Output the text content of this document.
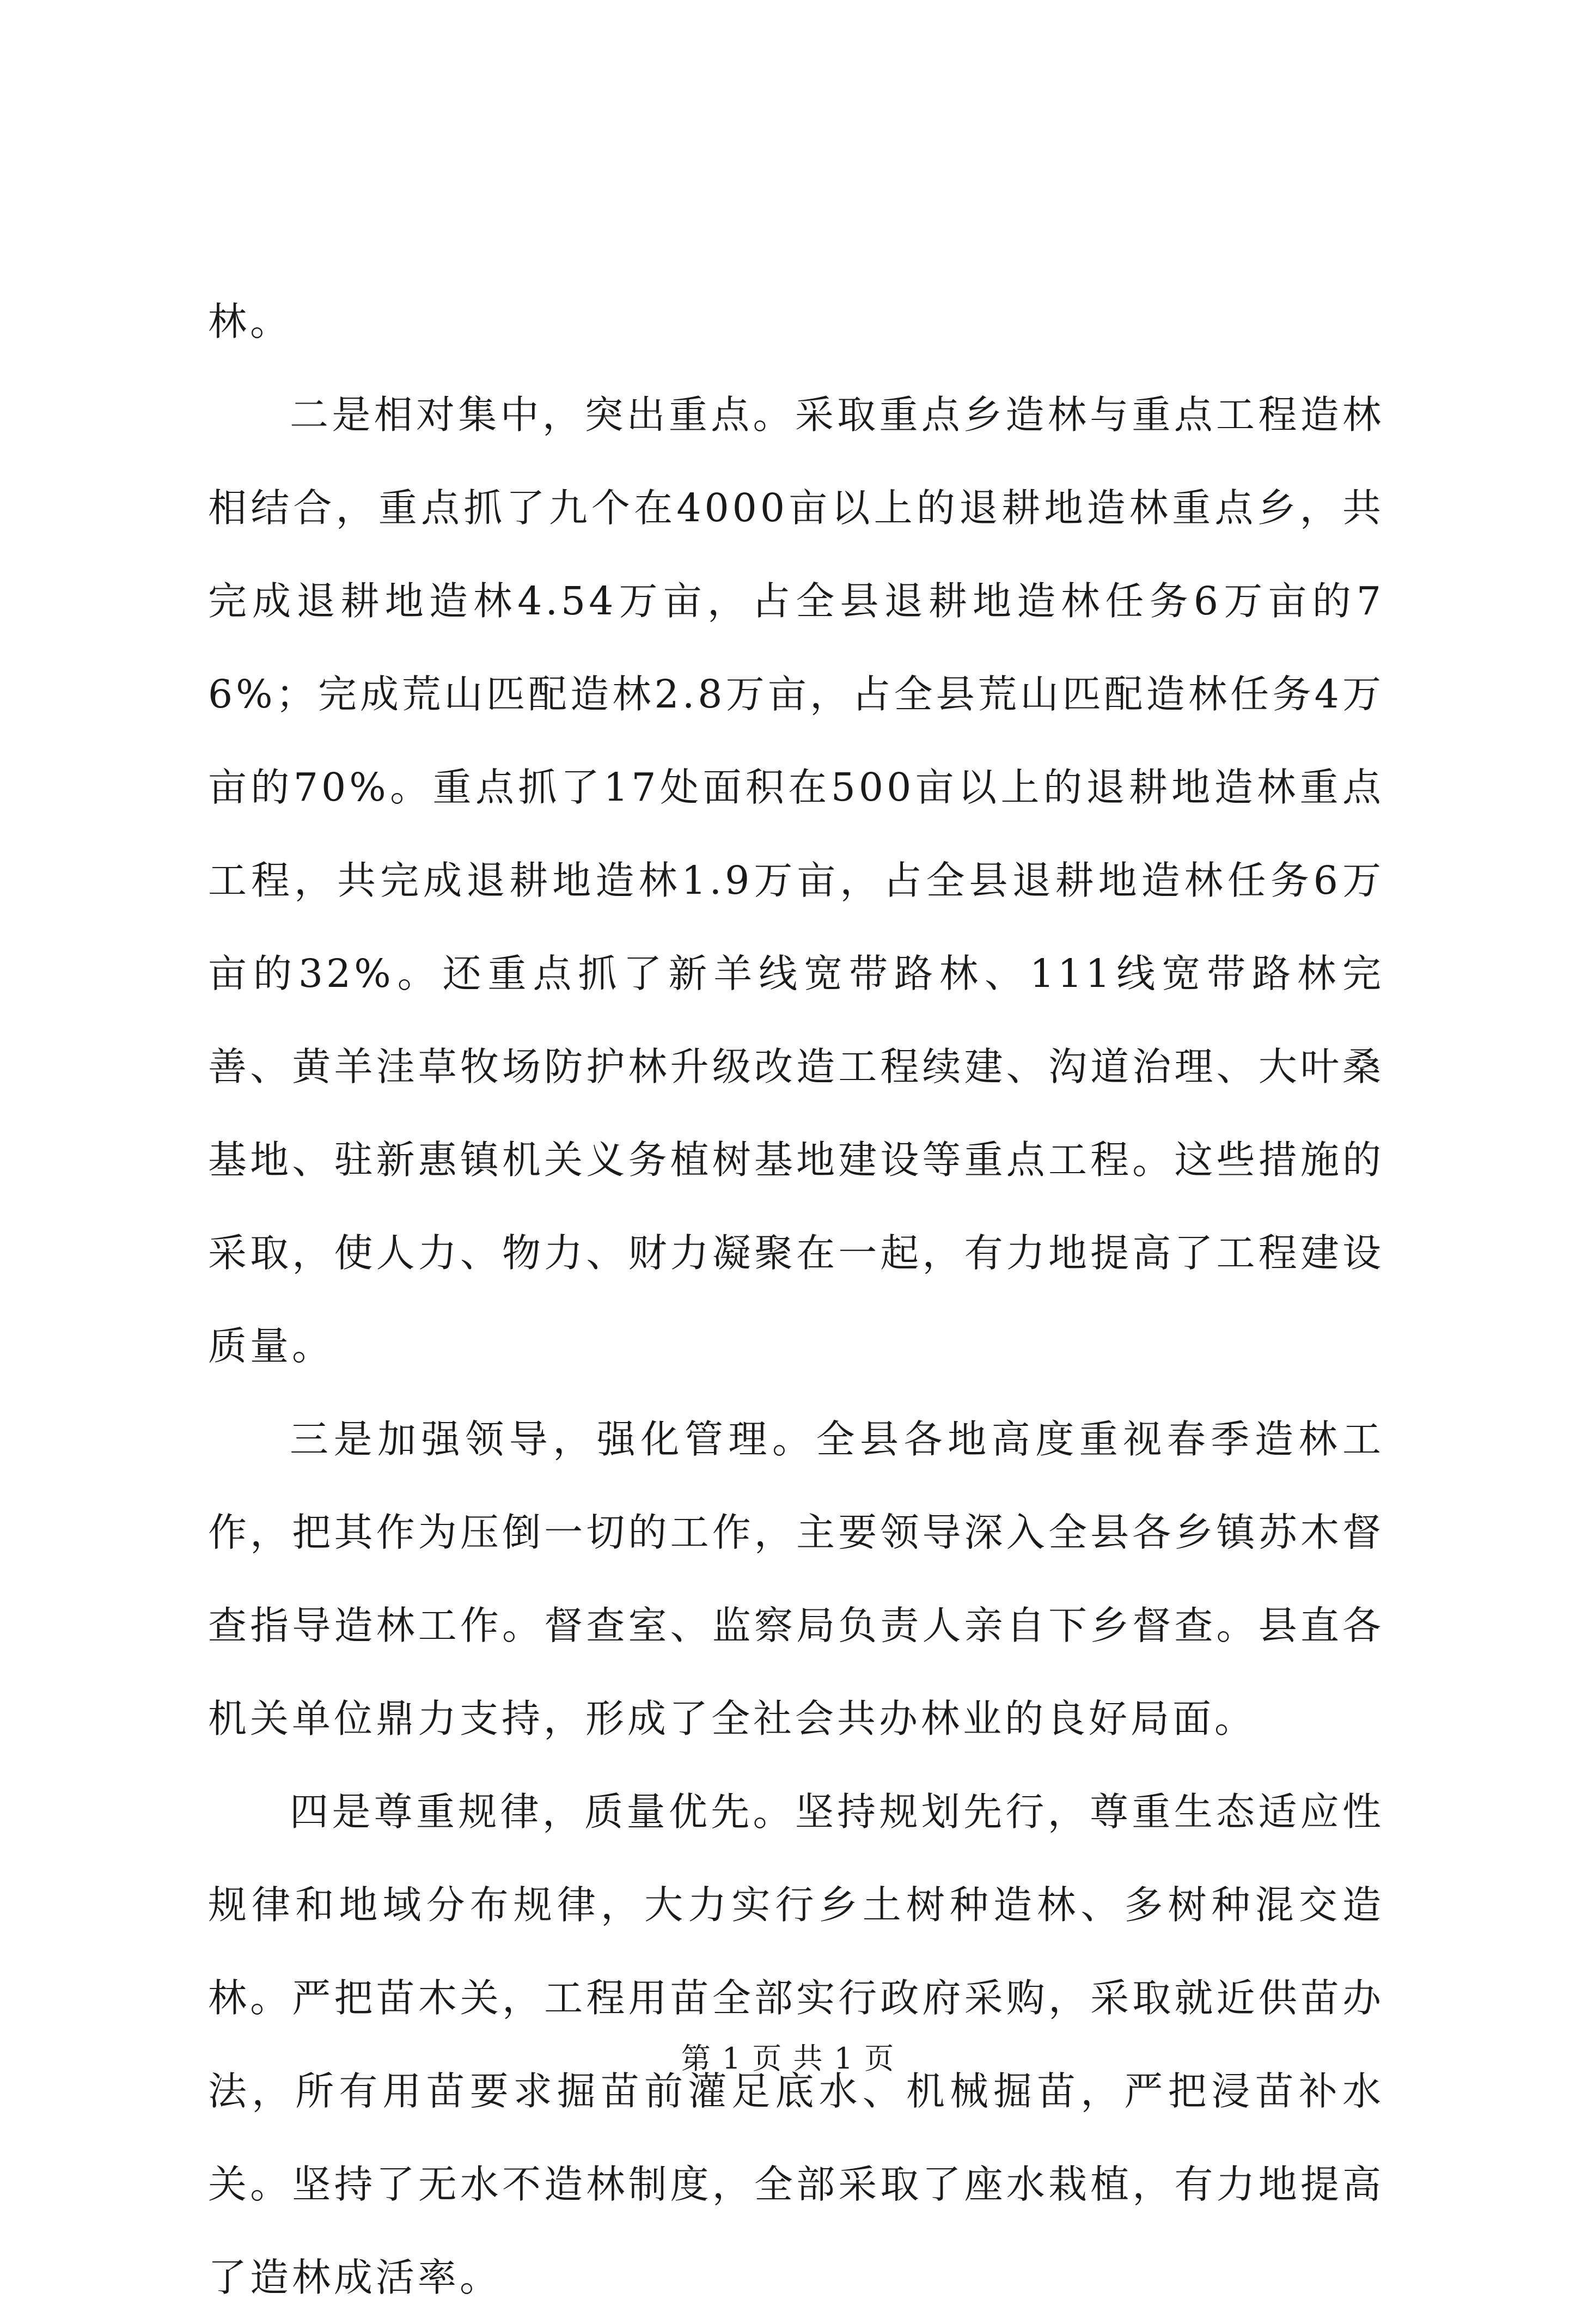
林。

二是相对集中，突出重点。采取重点乡造林与重点工程造林相结合，重点抓了九个在4000亩以上的退耕地造林重点乡，共完成退耕地造林4.54万亩，占全县退耕地造林任务6万亩的76%；完成荒山匹配造林2.8万亩，占全县荒山匹配造林任务4万亩的70%。重点抓了17处面积在500亩以上的退耕地造林重点工程，共完成退耕地造林1.9万亩，占全县退耕地造林任务6万亩的32%。还重点抓了新羊线宽带路林、111线宽带路林完善、黄羊洼草牧场防护林升级改造工程续建、沟道治理、大叶桑基地、驻新惠镇机关义务植树基地建设等重点工程。这些措施的采取，使人力、物力、财力凝聚在一起，有力地提高了工程建设质量。

三是加强领导，强化管理。全县各地高度重视春季造林工作，把其作为压倒一切的工作，主要领导深入全县各乡镇苏木督查指导造林工作。督查室、监察局负责人亲自下乡督查。县直各机关单位鼎力支持，形成了全社会共办林业的良好局面。

四是尊重规律，质量优先。坚持规划先行，尊重生态适应性规律和地域分布规律，大力实行乡土树种造林、多树种混交造林。严把苗木关，工程用苗全部实行政府采购，采取就近供苗办法，所有用苗要求掘苗前灌足底水、机械掘苗，严把浸苗补水关。坚持了无水不造林制度，全部采取了座水栽植，有力地提高了造林成活率。

第 1 页 共 1 页
